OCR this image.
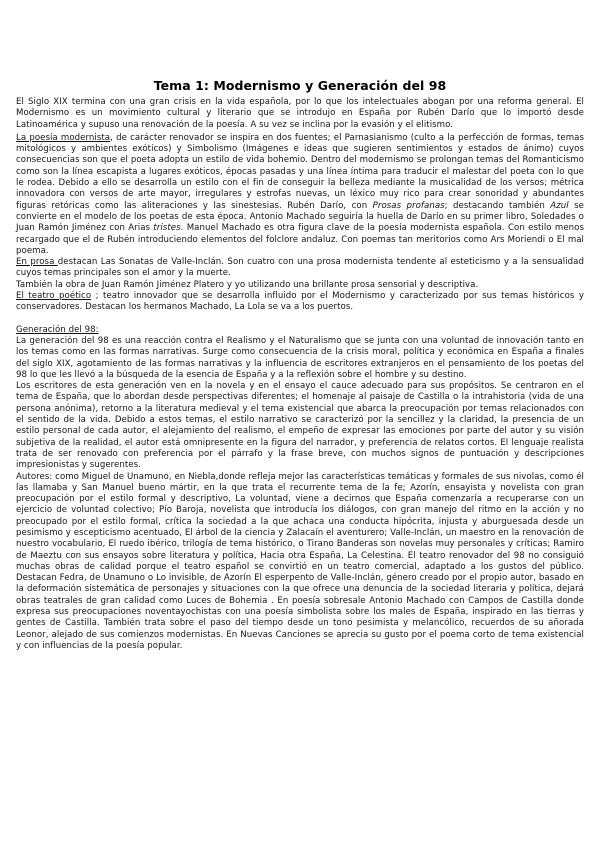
Tema 1: Modernismo y Generación del 98

El Siglo XIX termina con una gran crisis en la vida española, por lo que los intelectuales abogan por una reforma general. El Modernismo es un movimiento cultural y literario que se introdujo en España por Rubén Darío que lo importó desde Latinoamérica y supuso una renovación de la poesía. A su vez se inclina por la evasión y el elitismo.

La poesía modernista, de carácter renovador se inspira en dos fuentes; el Parnasianismo (culto a la perfección de formas, temas mitológicos y ambientes exóticos) y Simbolismo (Imágenes e ideas que sugieren sentimientos y estados de ánimo) cuyos consecuencias son que el poeta adopta un estilo de vida bohemio. Dentro del modernismo se prolongan temas del Romanticismo como son la línea escapista a lugares exóticos, épocas pasadas y una línea íntima para traducir el malestar del poeta con lo que le rodea. Debido a ello se desarrolla un estilo con el fin de conseguir la belleza mediante la musicalidad de los versos; métrica innovadora con versos de arte mayor, irregulares y estrofas nuevas, un léxico muy rico para crear sonoridad y abundantes figuras retóricas como las aliteraciones y las sinestesias. Rubén Darío, con Prosas profanas; destacando también Azul se convierte en el modelo de los poetas de esta época. Antonio Machado seguiría la huella de Darío en su primer libro, Soledades o Juan Ramón Jiménez con Arias tristes. Manuel Machado es otra figura clave de la poesía modernista española. Con estilo menos recargado que el de Rubén introduciendo elementos del folclore andaluz. Con poemas tan meritorios como Ars Moriendi o El mal poema.

En prosa destacan Las Sonatas de Valle-Inclán. Son cuatro con una prosa modernista tendente al esteticismo y a la sensualidad cuyos temas principales son el amor y la muerte.

También la obra de Juan Ramón Jiménez Platero y yo utilizando una brillante prosa sensorial y descriptiva.

El teatro poético ; teatro innovador que se desarrolla influido por el Modernismo y caracterizado por sus temas históricos y conservadores. Destacan los hermanos Machado, La Lola se va a los puertos.

Generación del 98:

La generación del 98 es una reacción contra el Realismo y el Naturalismo que se junta con una voluntad de innovación tanto en los temas como en las formas narrativas. Surge como consecuencia de la crisis moral, política y económica en España a finales del siglo XIX, agotamiento de las formas narrativas y la influencia de escritores extranjeros en el pensamiento de los poetas del 98 lo que les llevó a la búsqueda de la esencia de España y a la reflexión sobre el hombre y su destino.

Los escritores de esta generación ven en la novela y en el ensayo el cauce adecuado para sus propósitos. Se centraron en el tema de España, que lo abordan desde perspectivas diferentes; el homenaje al paisaje de Castilla o la intrahistoria (vida de una persona anónima), retorno a la literatura medieval y el tema existencial que abarca la preocupación por temas relacionados con el sentido de la vida. Debido a estos temas, el estilo narrativo se caracterizó por la sencillez y la claridad, la presencia de un estilo personal de cada autor, el alejamiento del realismo, el empeño de expresar las emociones por parte del autor y su visión subjetiva de la realidad, el autor está omnipresente en la figura del narrador, y preferencia de relatos cortos. El lenguaje realista trata de ser renovado con preferencia por el párrafo y la frase breve, con muchos signos de puntuación y descripciones impresionistas y sugerentes.

Autores: como Miguel de Unamuno, en Niebla,donde refleja mejor las características temáticas y formales de sus nivolas, como él las llamaba y San Manuel bueno mártir, en la que trata el recurrente tema de la fe; Azorín, ensayista y novelista con gran preocupación por el estilo formal y descriptivo, La voluntad, viene a decirnos que España comenzaría a recuperarse con un ejercicio de voluntad colectivo; Pío Baroja, novelista que introducía los diálogos, con gran manejo del ritmo en la acción y no preocupado por el estilo formal, crítica la sociedad a la que achaca una conducta hipócrita, injusta y aburguesada desde un pesimismo y escepticismo acentuado, El árbol de la ciencia y Zalacaín el aventurero; Valle-Inclán, un maestro en la renovación de nuestro vocabulario, El ruedo ibérico, trilogía de tema histórico, o Tirano Banderas son novelas muy personales y críticas; Ramiro de Maeztu con sus ensayos sobre literatura y política, Hacia otra España, La Celestina. El teatro renovador del 98 no consiguió muchas obras de calidad porque el teatro español se convirtió en un teatro comercial, adaptado a los gustos del público. Destacan Fedra, de Unamuno o Lo invisible, de Azorín El esperpento de Valle-Inclán, género creado por el propio autor, basado en la deformación sistemática de personajes y situaciones con la que ofrece una denuncia de la sociedad literaria y política, dejará obras teatrales de gran calidad como Luces de Bohemia . En poesía sobresale Antonio Machado con Campos de Castilla donde expresa sus preocupaciones noventayochistas con una poesía simbolista sobre los males de España, inspirado en las tierras y gentes de Castilla. También trata sobre el paso del tiempo desde un tono pesimista y melancólico, recuerdos de su añorada Leonor, alejado de sus comienzos modernistas. En Nuevas Canciones se aprecia su gusto por el poema corto de tema existencial y con influencias de la poesía popular.
